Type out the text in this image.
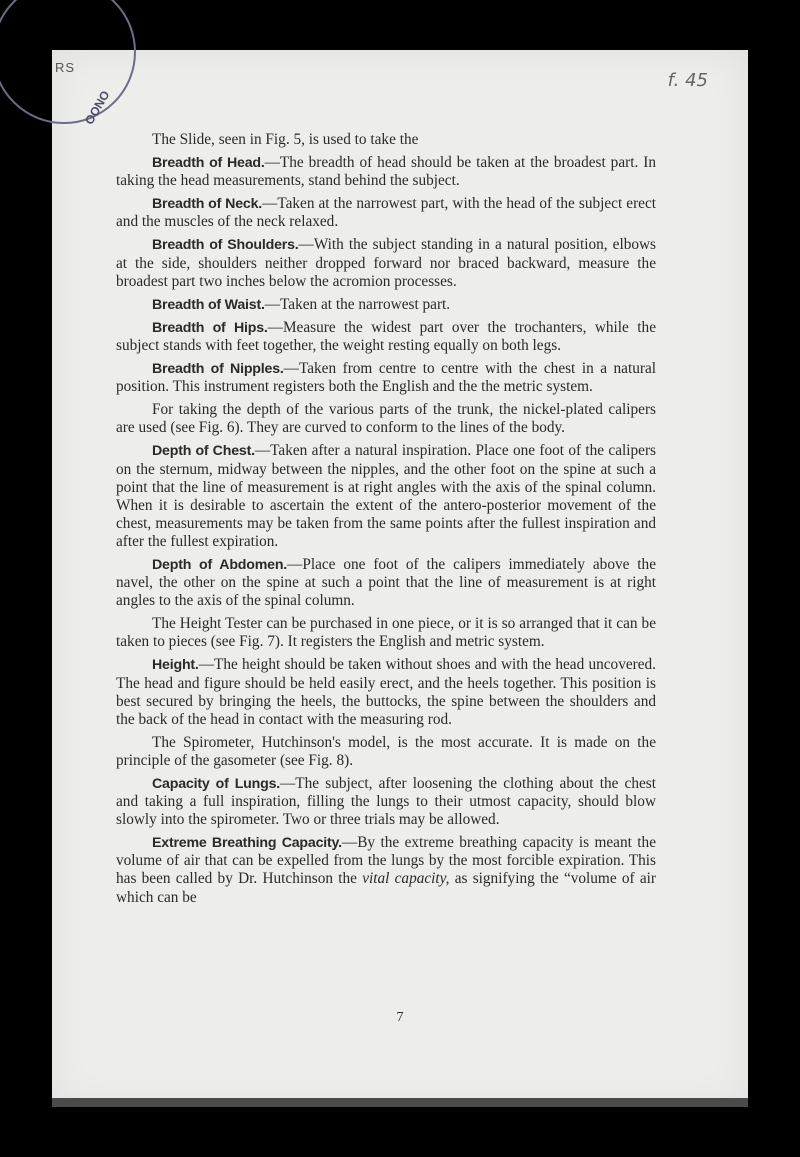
RS
OONO
f. 45

The Slide, seen in Fig. 5, is used to take the

Breadth of Head.—The breadth of head should be taken at the broadest part. In taking the head measurements, stand behind the subject.

Breadth of Neck.—Taken at the narrowest part, with the head of the subject erect and the muscles of the neck relaxed.

Breadth of Shoulders.—With the subject standing in a natural position, elbows at the side, shoulders neither dropped forward nor braced backward, measure the broadest part two inches below the acromion processes.

Breadth of Waist.—Taken at the narrowest part.

Breadth of Hips.—Measure the widest part over the trochanters, while the subject stands with feet together, the weight resting equally on both legs.

Breadth of Nipples.—Taken from centre to centre with the chest in a natural position. This instrument registers both the English and the the metric system.

For taking the depth of the various parts of the trunk, the nickel-plated calipers are used (see Fig. 6). They are curved to conform to the lines of the body.

Depth of Chest.—Taken after a natural inspiration. Place one foot of the calipers on the sternum, midway between the nipples, and the other foot on the spine at such a point that the line of measurement is at right angles with the axis of the spinal column. When it is desirable to ascertain the extent of the antero-posterior movement of the chest, measurements may be taken from the same points after the fullest inspiration and after the fullest expiration.

Depth of Abdomen.—Place one foot of the calipers immediately above the navel, the other on the spine at such a point that the line of measurement is at right angles to the axis of the spinal column.

The Height Tester can be purchased in one piece, or it is so arranged that it can be taken to pieces (see Fig. 7). It registers the English and metric system.

Height.—The height should be taken without shoes and with the head uncovered. The head and figure should be held easily erect, and the heels together. This position is best secured by bringing the heels, the buttocks, the spine between the shoulders and the back of the head in contact with the measuring rod.

The Spirometer, Hutchinson's model, is the most accurate. It is made on the principle of the gasometer (see Fig. 8).

Capacity of Lungs.—The subject, after loosening the clothing about the chest and taking a full inspiration, filling the lungs to their utmost capacity, should blow slowly into the spirometer. Two or three trials may be allowed.

Extreme Breathing Capacity.—By the extreme breathing capacity is meant the volume of air that can be expelled from the lungs by the most forcible expiration. This has been called by Dr. Hutchinson the vital capacity, as signifying the “volume of air which can be

7
